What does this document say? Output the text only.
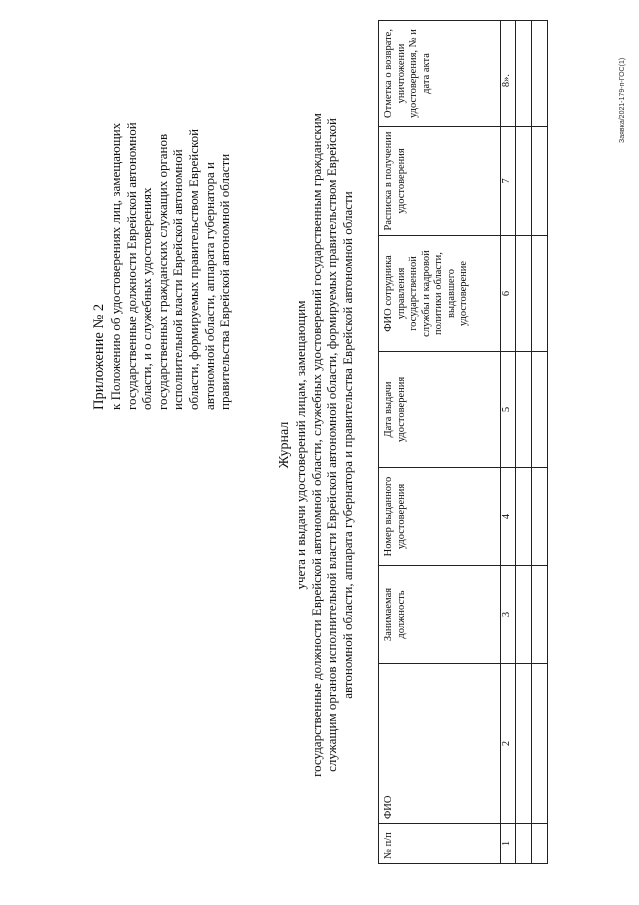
Приложение № 2 к Положению об удостоверениях лиц, замещающих государственные должности Еврейской автономной области, и о служебных удостоверениях государственных гражданских служащих органов исполнительной власти Еврейской автономной области, формируемых правительством Еврейской автономной области, аппарата губернатора и правительства Еврейской автономной области
Журнал учета и выдачи удостоверений лицам, замещающим государственные должности Еврейской автономной области, служебных удостоверений государственным гражданским служащим органов исполнительной власти Еврейской автономной области, формируемых правительством Еврейской автономной области, аппарата губернатора и правительства Еврейской автономной области
№ п/п	ФИО	Занимаемая должность	Номер выданного удостоверения	Дата выдачи удостоверения	ФИО сотрудника управления государственной службы и кадровой политики области, выдавшего удостоверение	Расписка в получении удостоверения	Отметка о возврате, уничтожении удостоверения, № и дата акта
1	2	3	4	5	6	7	8».

								Заявка/2021-179-п-ГОС(1)
